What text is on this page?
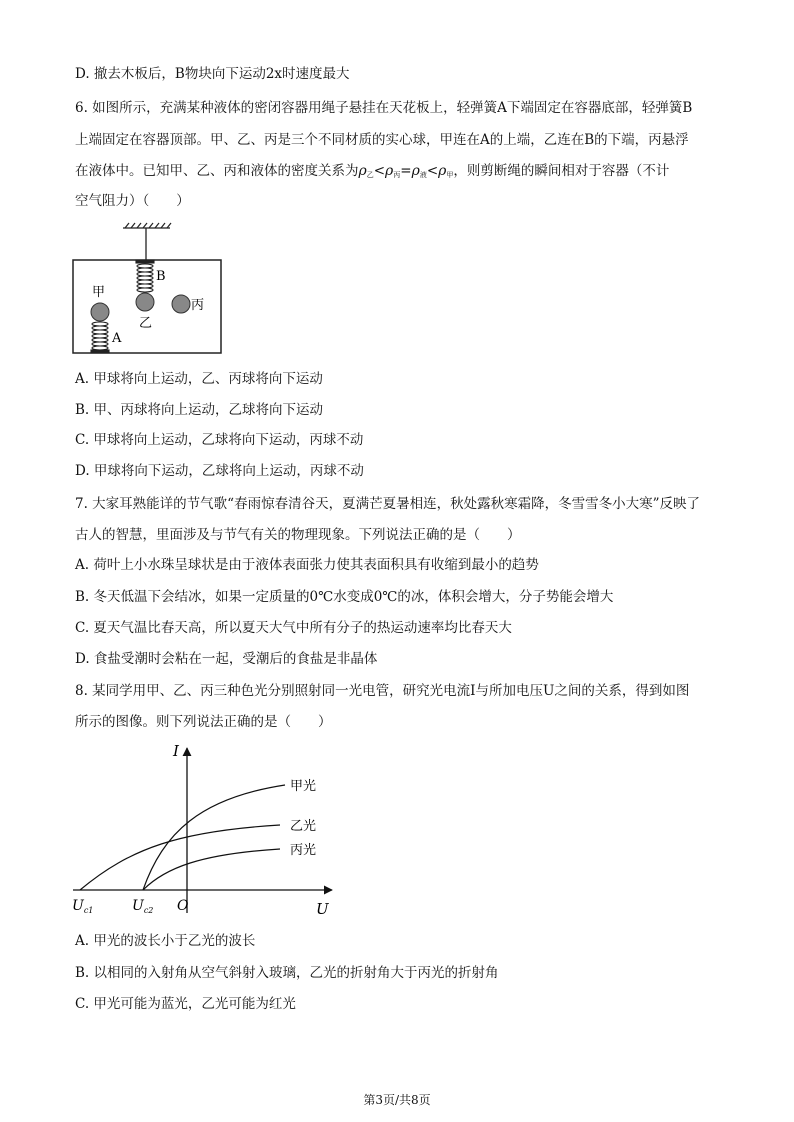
D. 撤去木板后，B物块向下运动2x时速度最大
6. 如图所示，充满某种液体的密闭容器用绳子悬挂在天花板上，轻弹簧A下端固定在容器底部，轻弹簧B
上端固定在容器顶部。甲、乙、丙是三个不同材质的实心球，甲连在A的上端，乙连在B的下端，丙悬浮
在液体中。已知甲、乙、丙和液体的密度关系为$\rho_乙<\rho_丙=\rho_液<\rho_甲$，则剪断绳的瞬间相对于容器（不计
空气阻力）（　　）
B
乙
丙
甲
A
A. 甲球将向上运动，乙、丙球将向下运动
B. 甲、丙球将向上运动，乙球将向下运动
C. 甲球将向上运动，乙球将向下运动，丙球不动
D. 甲球将向下运动，乙球将向上运动，丙球不动
7. 大家耳熟能详的节气歌“春雨惊春清谷天，夏满芒夏暑相连，秋处露秋寒霜降，冬雪雪冬小大寒”反映了
古人的智慧，里面涉及与节气有关的物理现象。下列说法正确的是（　　）
A. 荷叶上小水珠呈球状是由于液体表面张力使其表面积具有收缩到最小的趋势
B. 冬天低温下会结冰，如果一定质量的0℃水变成0℃的冰，体积会增大，分子势能会增大
C. 夏天气温比春天高，所以夏天大气中所有分子的热运动速率均比春天大
D. 食盐受潮时会粘在一起，受潮后的食盐是非晶体
8. 某同学用甲、乙、丙三种色光分别照射同一光电管，研究光电流I与所加电压U之间的关系，得到如图
所示的图像。则下列说法正确的是（　　）
I
U
甲光
乙光
丙光
$U_{c1}$	$U_{c2}$ O
A. 甲光的波长小于乙光的波长
B. 以相同的入射角从空气斜射入玻璃，乙光的折射角大于丙光的折射角
C. 甲光可能为蓝光，乙光可能为红光
第3页/共8页
